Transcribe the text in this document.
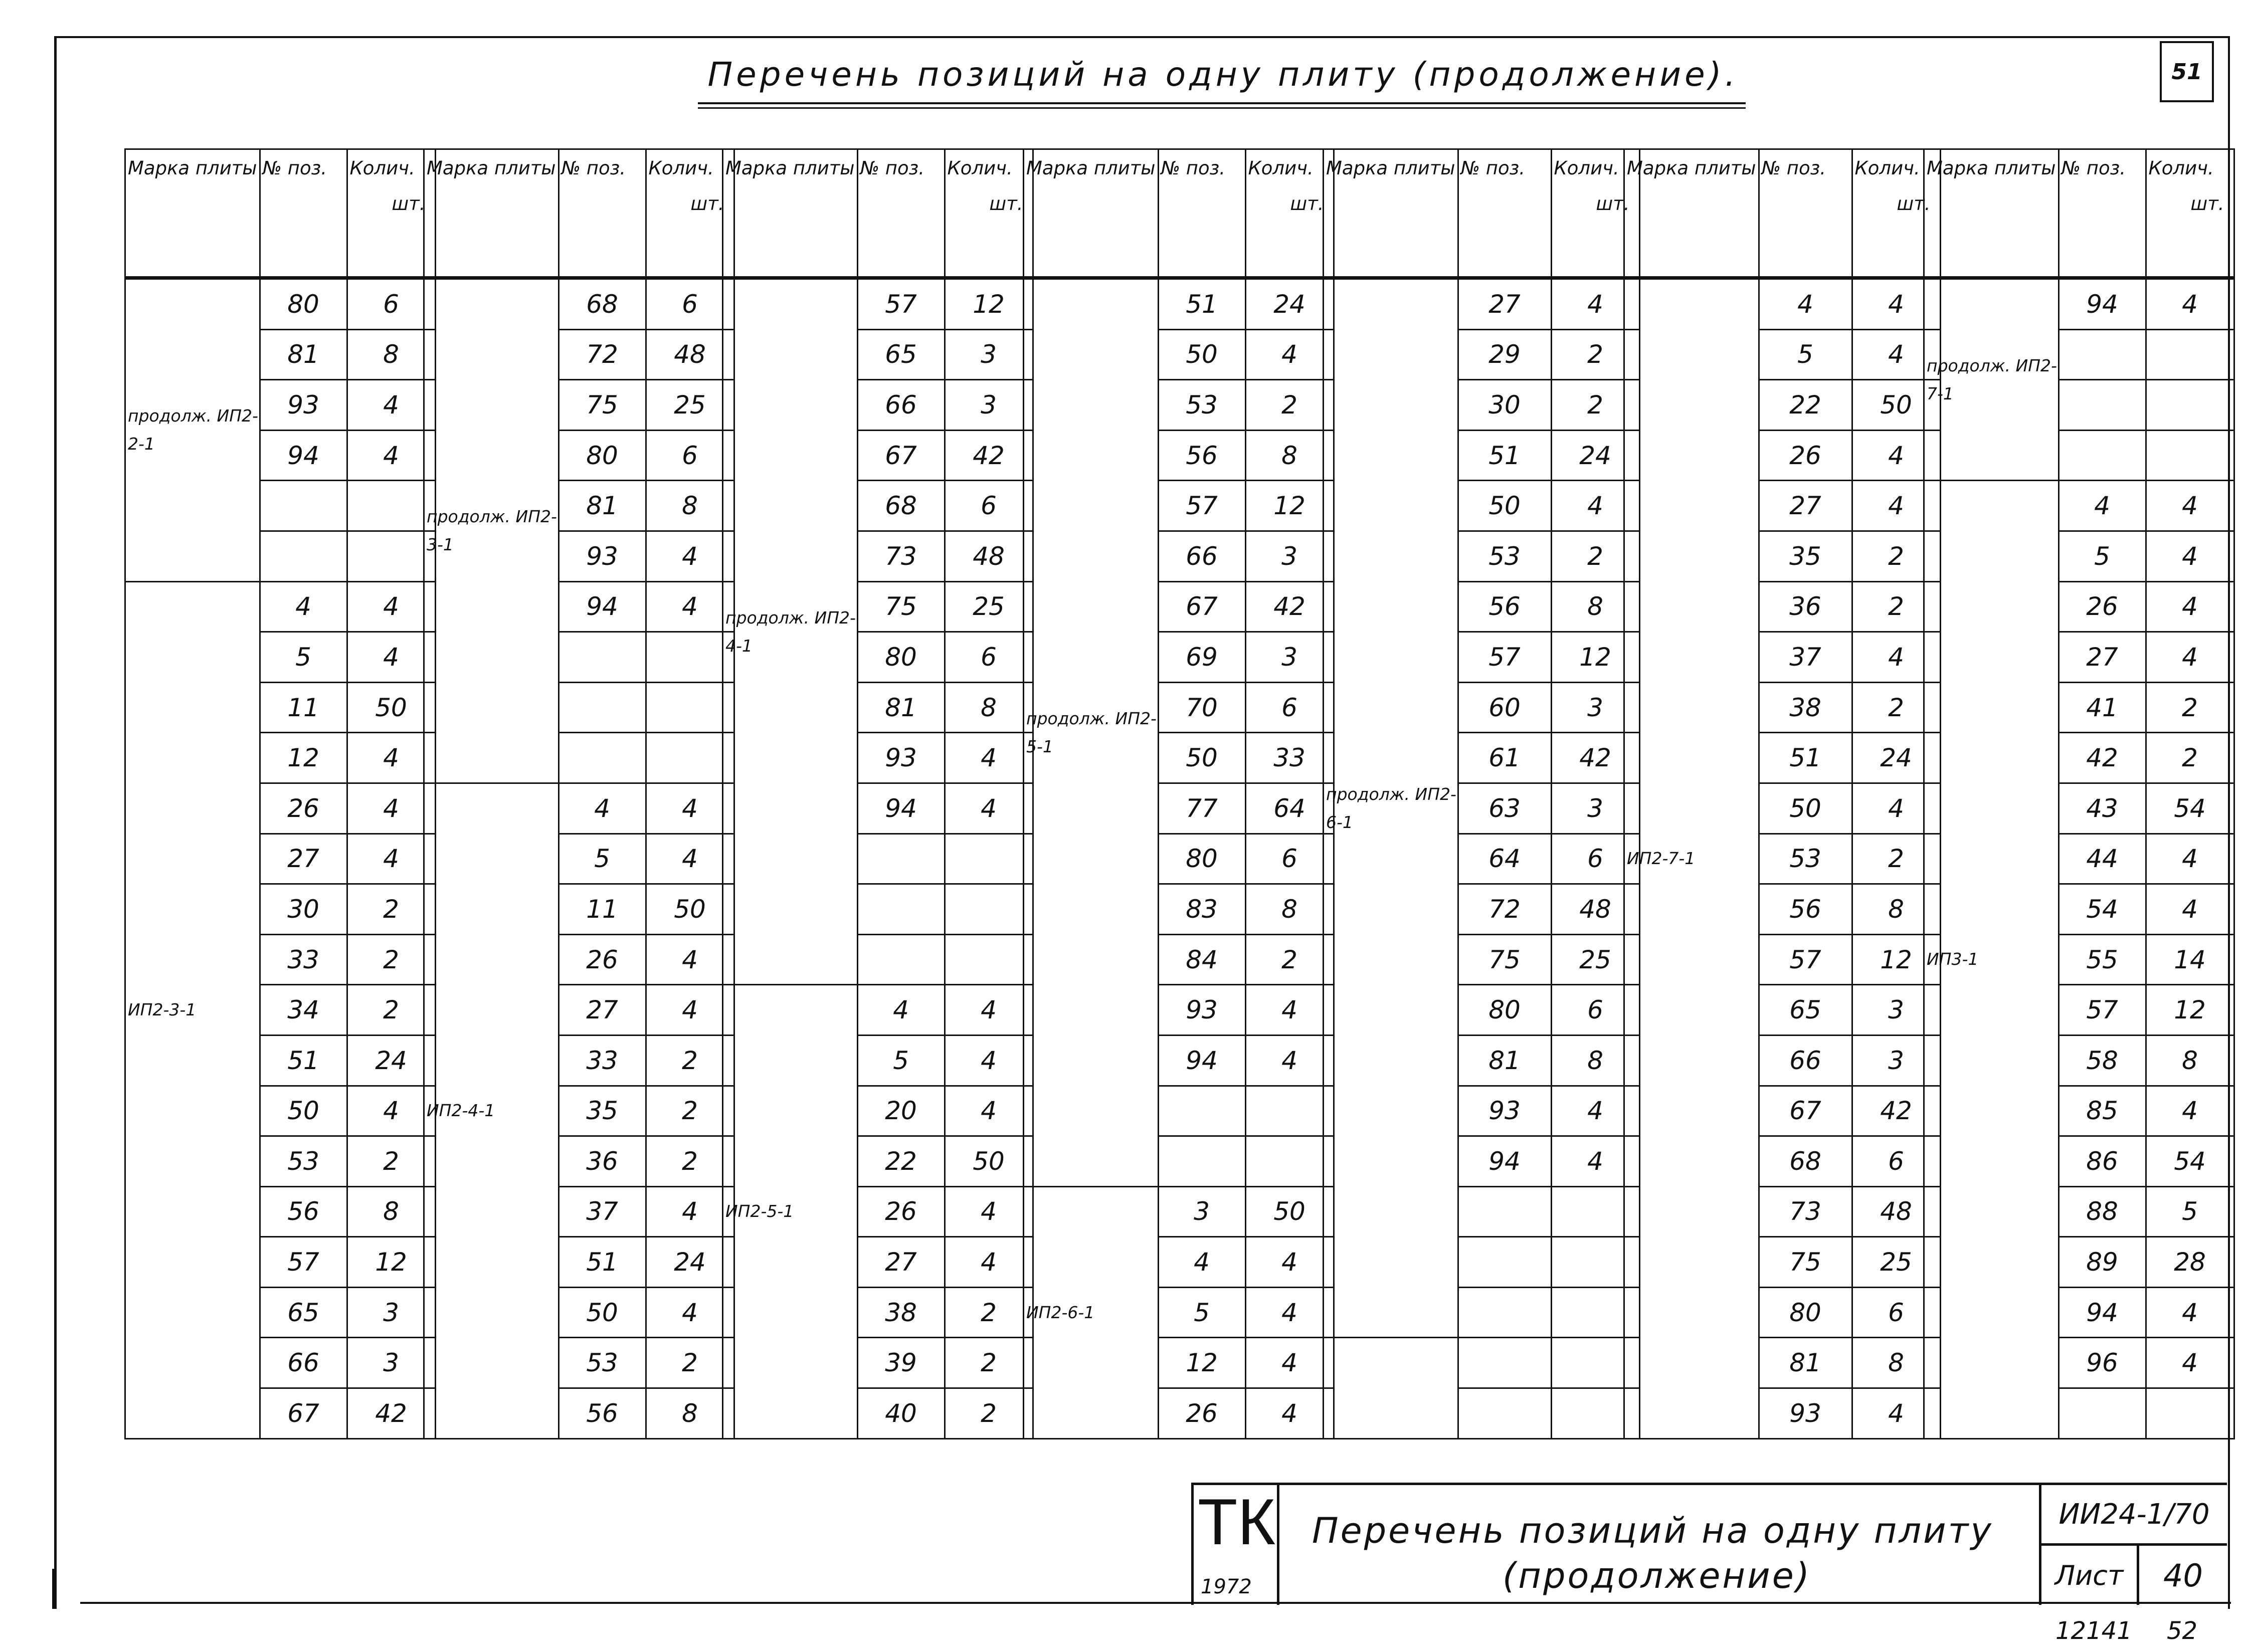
51
Перечень позиций на одну плиту (продолжение).
Марка плиты	№ поз.	Колич.
шт.

продолж. ИП2-2-1	80	6
	81	8
	93	4
	94	4

ИП2-3-1	4	4
	5	4
	11	50
	12	4
	26	4
	27	4
	30	2
	33	2
	34	2
	51	24
	50	4
	53	2
	56	8
	57	12
	65	3
	66	3
	67	42
Марка плиты	№ поз.	Колич.
шт.

продолж. ИП2-3-1	68	6
	72	48
	75	25
	80	6
	81	8
	93	4
	94	4

ИП2-4-1	4	4
	5	4
	11	50
	26	4
	27	4
	33	2
	35	2
	36	2
	37	4
	51	24
	50	4
	53	2
	56	8
Марка плиты	№ поз.	Колич.
шт.

продолж. ИП2-4-1	57	12
	65	3
	66	3
	67	42
	68	6
	73	48
	75	25
	80	6
	81	8
	93	4
	94	4

ИП2-5-1	4	4
	5	4
	20	4
	22	50
	26	4
	27	4
	38	2
	39	2
	40	2
Марка плиты	№ поз.	Колич.
шт.

продолж. ИП2-5-1	51	24
	50	4
	53	2
	56	8
	57	12
	66	3
	67	42
	69	3
	70	6
	50	33
	77	64
	80	6
	83	8
	84	2
	93	4
	94	4

ИП2-6-1	3	50
	4	4
	5	4
	12	4
	26	4
Марка плиты	№ поз.	Колич.
шт.

продолж. ИП2-6-1	27	4
	29	2
	30	2
	51	24
	50	4
	53	2
	56	8
	57	12
	60	3
	61	42
	63	3
	64	6
	72	48
	75	25
	80	6
	81	8
	93	4
	94	4

Марка плиты	№ поз.	Колич.
шт.

ИП2-7-1	4	4
	5	4
	22	50
	26	4
	27	4
	35	2
	36	2
	37	4
	38	2
	51	24
	50	4
	53	2
	56	8
	57	12
	65	3
	66	3
	67	42
	68	6
	73	48
	75	25
	80	6
	81	8
	93	4
Марка плиты	№ поз.	Колич.
шт.

продолж. ИП2-7-1	94	4

ИП3-1	4	4
	5	4
	26	4
	27	4
	41	2
	42	2
	43	54
	44	4
	54	4
	55	14
	57	12
	58	8
	85	4
	86	54
	88	5
	89	28
	94	4
	96	4

ТК
1972
Перечень позиций на одну плиту
(продолжение)
ИИ24-1/70
Лист	40
12141 52
